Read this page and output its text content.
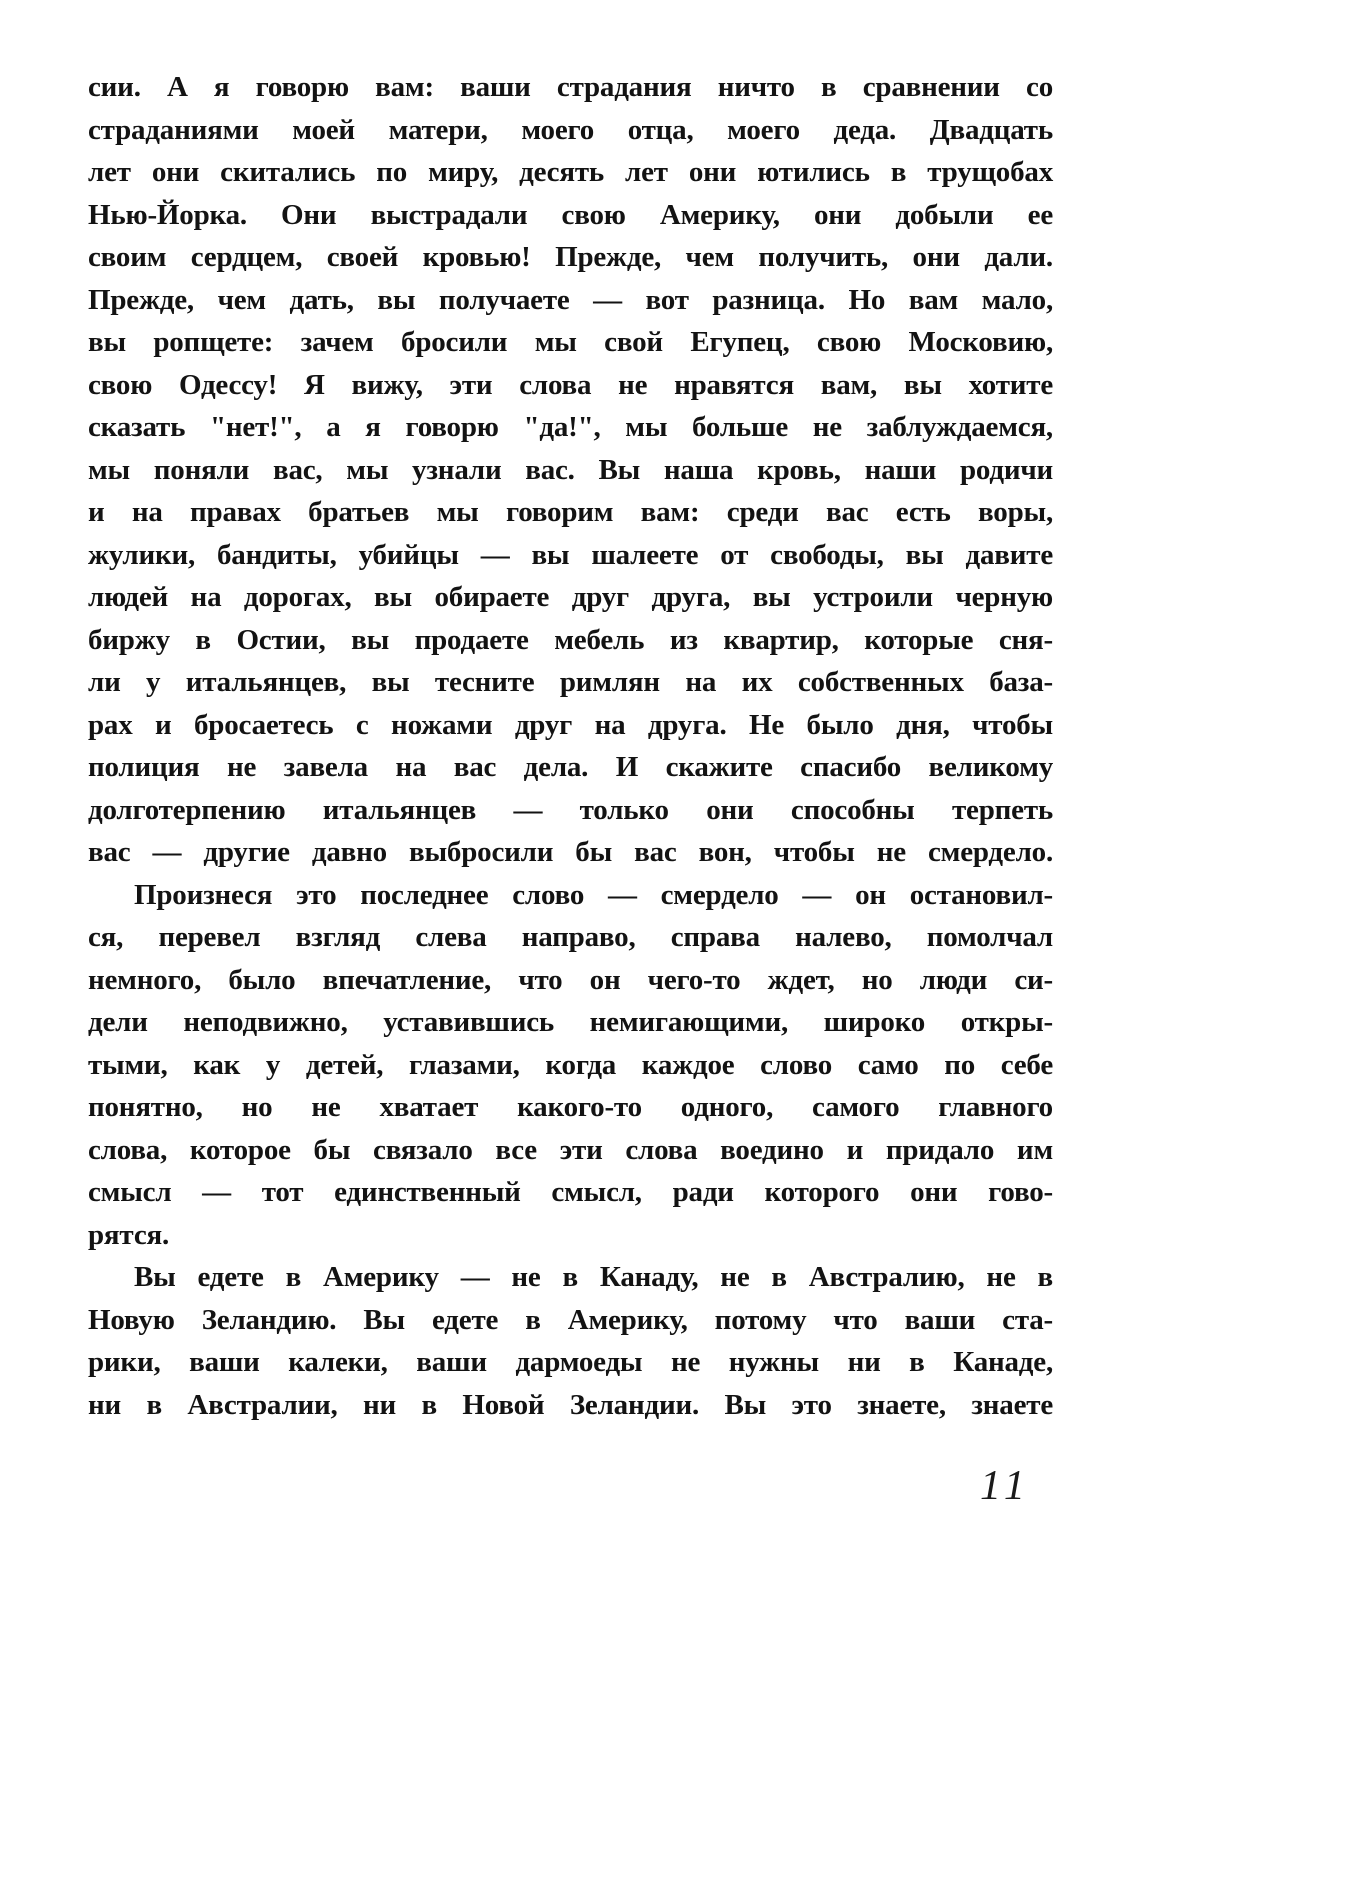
сии. А я говорю вам: ваши страдания ничто в сравнении со
страданиями моей матери, моего отца, моего деда. Двадцать
лет они скитались по миру, десять лет они ютились в трущобах
Нью-Йорка. Они выстрадали свою Америку, они добыли ее
своим сердцем, своей кровью! Прежде, чем получить, они дали.
Прежде, чем дать, вы получаете — вот разница. Но вам мало,
вы ропщете: зачем бросили мы свой Егупец, свою Московию,
свою Одессу! Я вижу, эти слова не нравятся вам, вы хотите
сказать "нет!", а я говорю "да!", мы больше не заблуждаемся,
мы поняли вас, мы узнали вас. Вы наша кровь, наши родичи
и на правах братьев мы говорим вам: среди вас есть воры,
жулики, бандиты, убийцы — вы шалеете от свободы, вы давите
людей на дорогах, вы обираете друг друга, вы устроили черную
биржу в Остии, вы продаете мебель из квартир, которые сня-
ли у итальянцев, вы тесните римлян на их собственных база-
рах и бросаетесь с ножами друг на друга. Не было дня, чтобы
полиция не завела на вас дела. И скажите спасибо великому
долготерпению итальянцев — только они способны терпеть
вас — другие давно выбросили бы вас вон, чтобы не смердело.
Произнеся это последнее слово — смердело — он остановил-
ся, перевел взгляд слева направо, справа налево, помолчал
немного, было впечатление, что он чего-то ждет, но люди си-
дели неподвижно, уставившись немигающими, широко откры-
тыми, как у детей, глазами, когда каждое слово само по себе
понятно, но не хватает какого-то одного, самого главного
слова, которое бы связало все эти слова воедино и придало им
смысл — тот единственный смысл, ради которого они гово-
рятся.
Вы едете в Америку — не в Канаду, не в Австралию, не в
Новую Зеландию. Вы едете в Америку, потому что ваши ста-
рики, ваши калеки, ваши дармоеды не нужны ни в Канаде,
ни в Австралии, ни в Новой Зеландии. Вы это знаете, знаете
11
